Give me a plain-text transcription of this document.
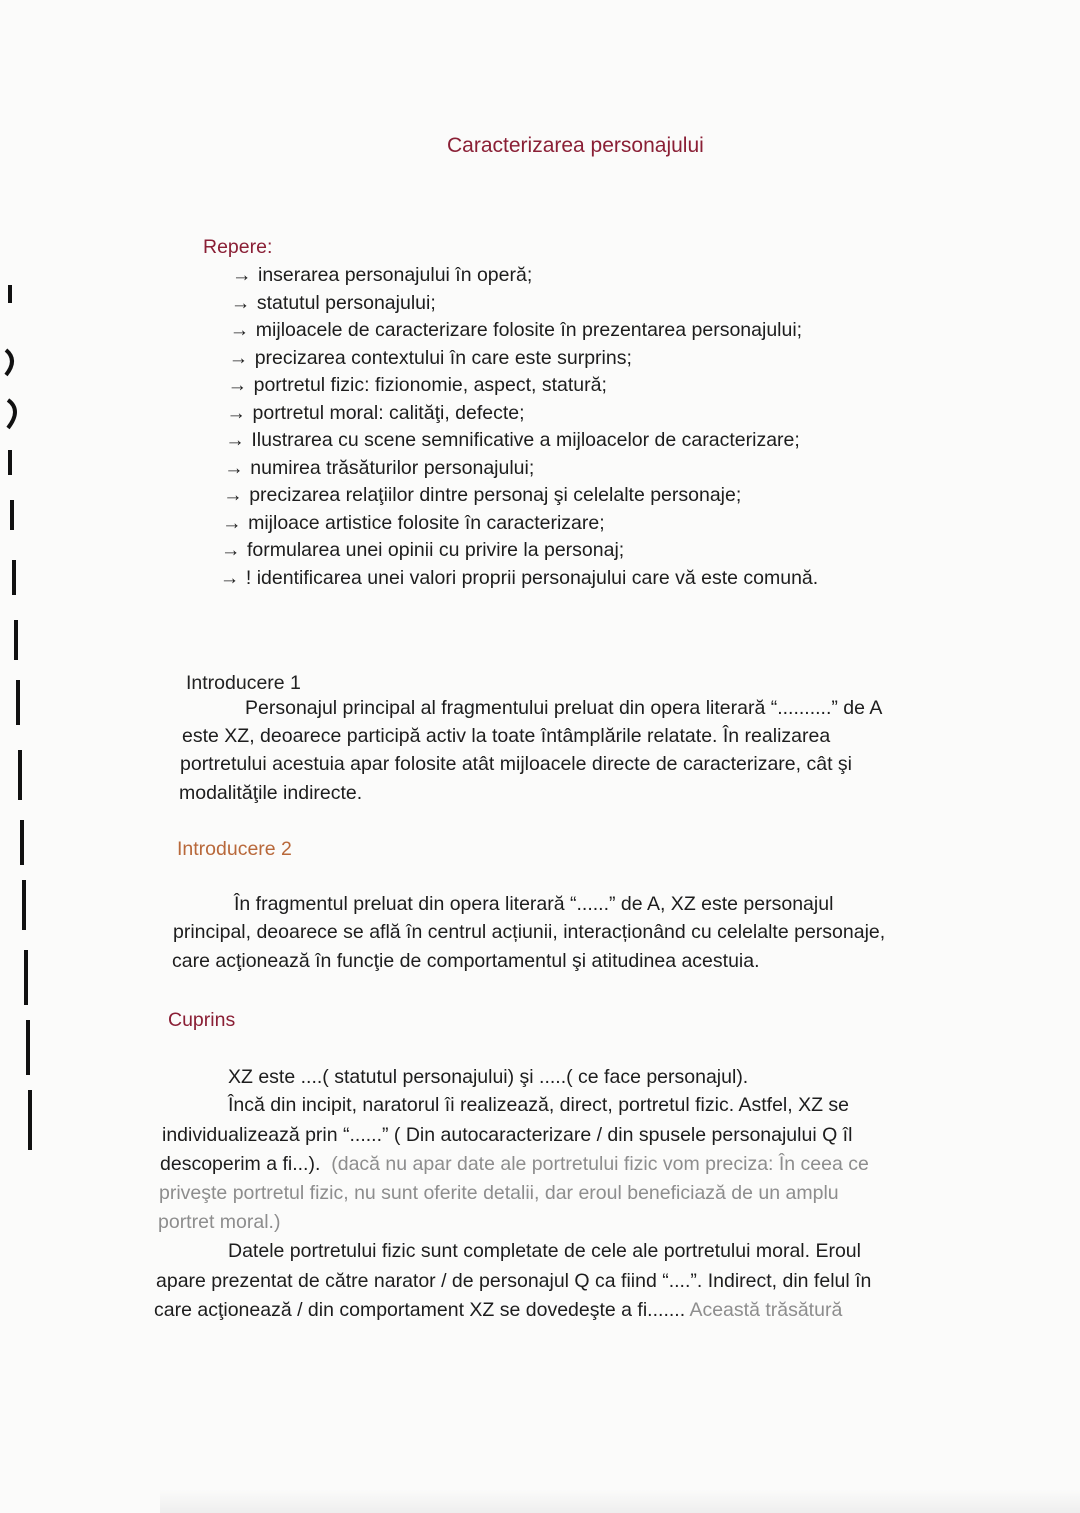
Caracterizarea personajului
Repere:
→ inserarea personajului în operă;
→ statutul personajului;
→ mijloacele de caracterizare folosite în prezentarea personajului;
→ precizarea contextului în care este surprins;
→ portretul fizic: fizionomie, aspect, statură;
→ portretul moral: calităţi, defecte;
→ Ilustrarea cu scene semnificative a mijloacelor de caracterizare;
→ numirea trăsăturilor personajului;
→ precizarea relaţiilor dintre personaj şi celelalte personaje;
→ mijloace artistice folosite în caracterizare;
→ formularea unei opinii cu privire la personaj;
→ ! identificarea unei valori proprii personajului care vă este comună.
Introducere 1
Personajul principal al fragmentului preluat din opera literară “..........” de A
este XZ, deoarece participă activ la toate întâmplările relatate. În realizarea
portretului acestuia apar folosite atât mijloacele directe de caracterizare, cât şi
modalităţile indirecte.
Introducere 2
În fragmentul preluat din opera literară “......” de A, XZ este personajul
principal, deoarece se află în centrul acțiunii, interacționând cu celelalte personaje,
care acţionează în funcţie de comportamentul şi atitudinea acestuia.
Cuprins
XZ este ....( statutul personajului) şi .....( ce face personajul).
Încă din incipit, naratorul îi realizează, direct, portretul fizic. Astfel, XZ se
individualizează prin “......” ( Din autocaracterizare / din spusele personajului Q îl
descoperim a fi...). (dacă nu apar date ale portretului fizic vom preciza: În ceea ce
priveşte portretul fizic, nu sunt oferite detalii, dar eroul beneficiază de un amplu
portret moral.)
Datele portretului fizic sunt completate de cele ale portretului moral. Eroul
apare prezentat de către narator / de personajul Q ca fiind “....”. Indirect, din felul în
care acţionează / din comportament XZ se dovedeşte a fi....... Această trăsătură
